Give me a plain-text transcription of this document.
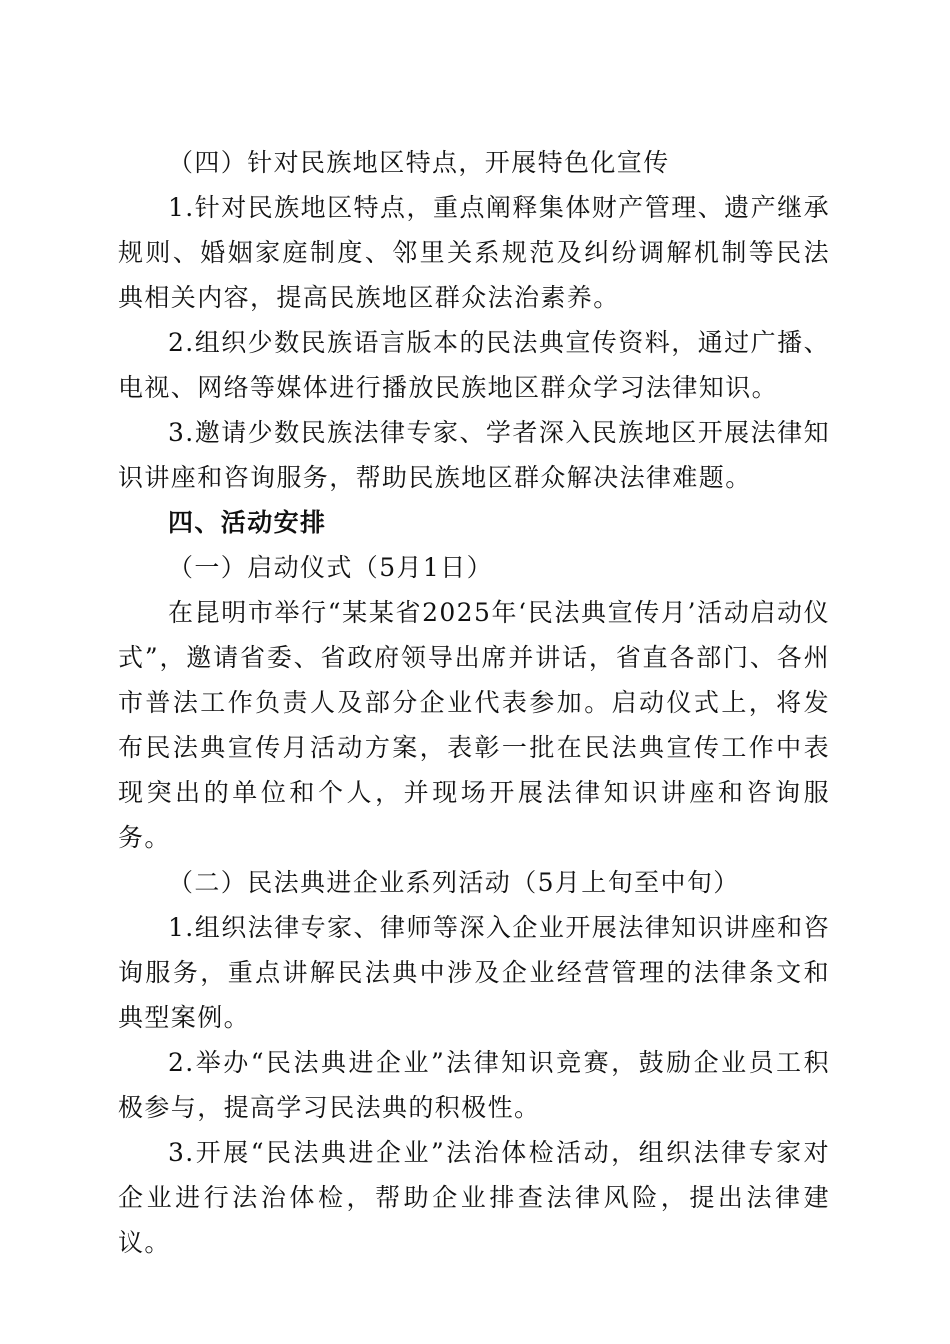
（四）针对民族地区特点，开展特色化宣传

1.针对民族地区特点，重点阐释集体财产管理、遗产继承规则、婚姻家庭制度、邻里关系规范及纠纷调解机制等民法典相关内容，提高民族地区群众法治素养。

2.组织少数民族语言版本的民法典宣传资料，通过广播、电视、网络等媒体进行播放民族地区群众学习法律知识。

3.邀请少数民族法律专家、学者深入民族地区开展法律知识讲座和咨询服务，帮助民族地区群众解决法律难题。

四、活动安排

（一）启动仪式（5月1日）

在昆明市举行“某某省2025年‘民法典宣传月’活动启动仪式”，邀请省委、省政府领导出席并讲话，省直各部门、各州市普法工作负责人及部分企业代表参加。启动仪式上，将发布民法典宣传月活动方案，表彰一批在民法典宣传工作中表现突出的单位和个人，并现场开展法律知识讲座和咨询服务。

（二）民法典进企业系列活动（5月上旬至中旬）

1.组织法律专家、律师等深入企业开展法律知识讲座和咨询服务，重点讲解民法典中涉及企业经营管理的法律条文和典型案例。

2.举办“民法典进企业”法律知识竞赛，鼓励企业员工积极参与，提高学习民法典的积极性。

3.开展“民法典进企业”法治体检活动，组织法律专家对企业进行法治体检，帮助企业排查法律风险，提出法律建议。
